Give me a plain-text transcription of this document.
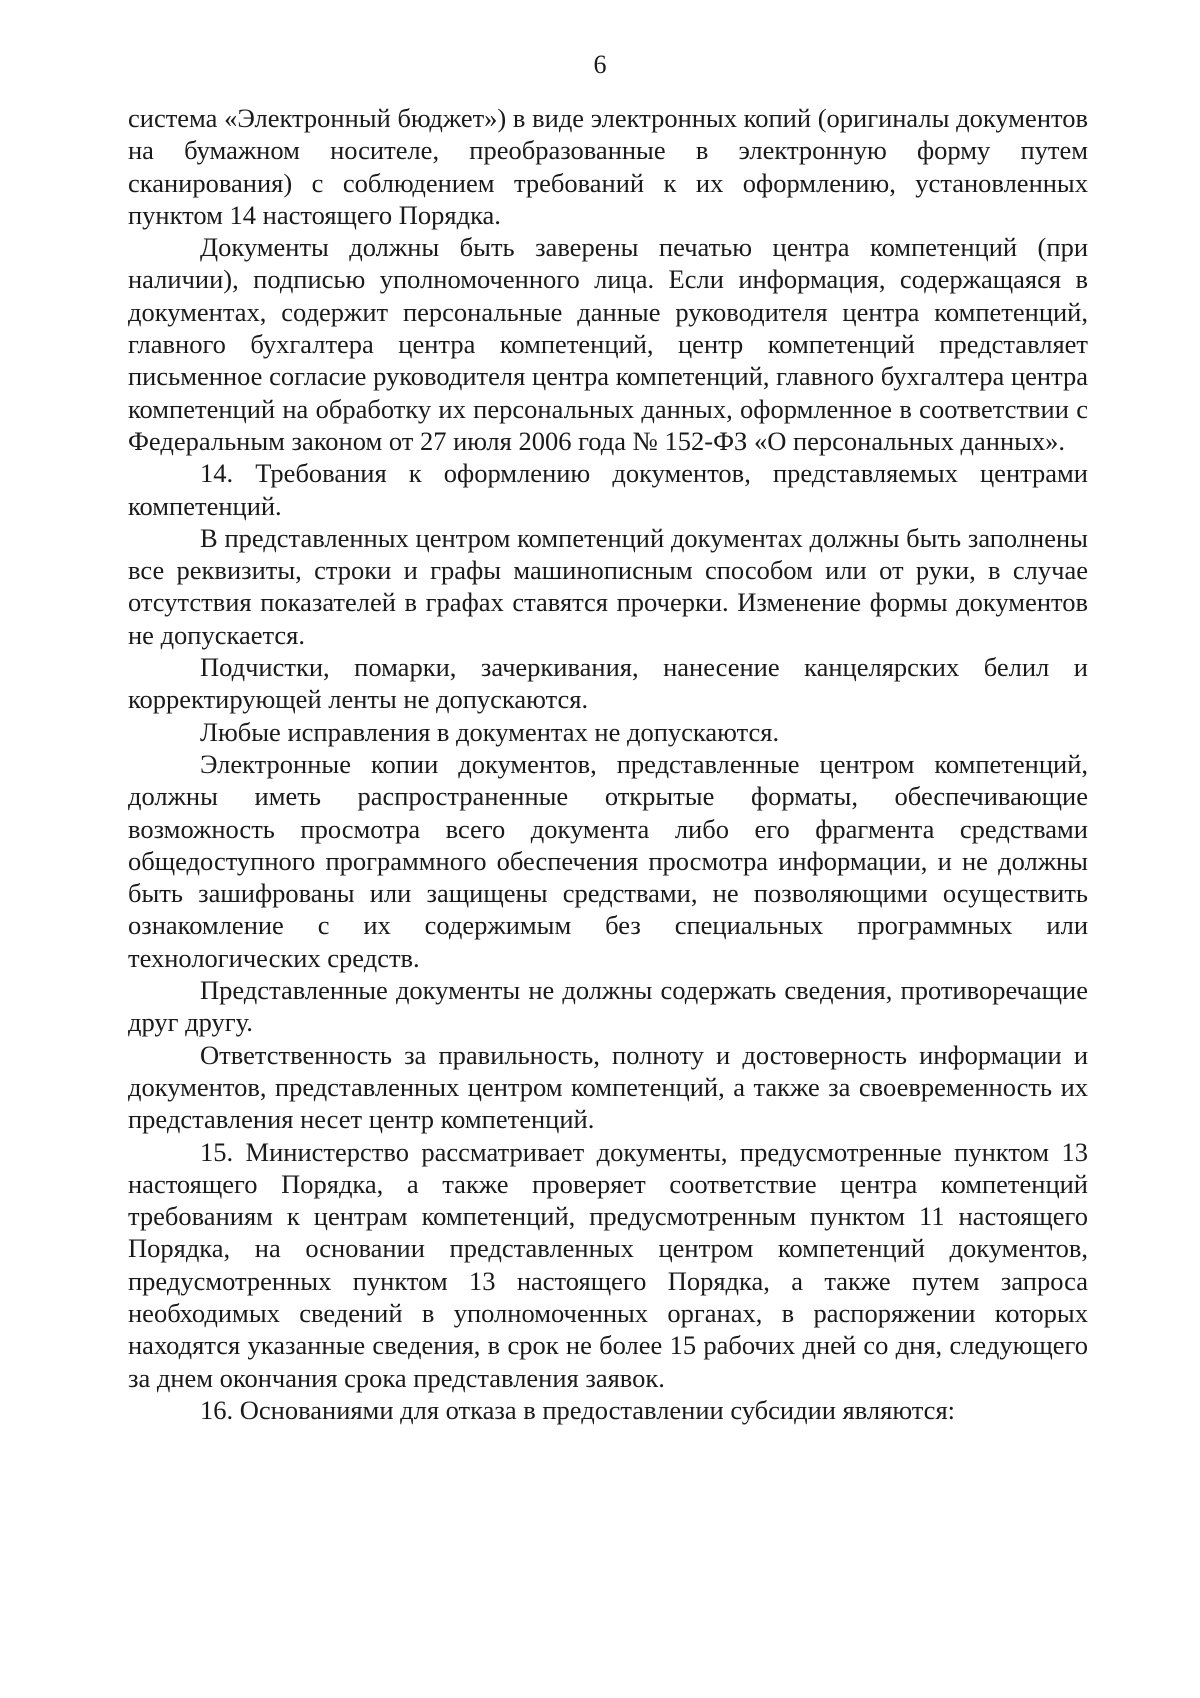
6

система «Электронный бюджет») в виде электронных копий (оригиналы документов на бумажном носителе, преобразованные в электронную форму путем сканирования) с соблюдением требований к их оформлению, установленных пунктом 14 настоящего Порядка.

Документы должны быть заверены печатью центра компетенций (при наличии), подписью уполномоченного лица. Если информация, содержащаяся в документах, содержит персональные данные руководителя центра компетенций, главного бухгалтера центра компетенций, центр компетенций представляет письменное согласие руководителя центра компетенций, главного бухгалтера центра компетенций на обработку их персональных данных, оформленное в соответствии с Федеральным законом от 27 июля 2006 года № 152-ФЗ «О персональных данных».

14. Требования к оформлению документов, представляемых центрами компетенций.

В представленных центром компетенций документах должны быть заполнены все реквизиты, строки и графы машинописным способом или от руки, в случае отсутствия показателей в графах ставятся прочерки. Изменение формы документов не допускается.

Подчистки, помарки, зачеркивания, нанесение канцелярских белил и корректирующей ленты не допускаются.

Любые исправления в документах не допускаются.

Электронные копии документов, представленные центром компетенций, должны иметь распространенные открытые форматы, обеспечивающие возможность просмотра всего документа либо его фрагмента средствами общедоступного программного обеспечения просмотра информации, и не должны быть зашифрованы или защищены средствами, не позволяющими осуществить ознакомление с их содержимым без специальных программных или технологических средств.

Представленные документы не должны содержать сведения, противоречащие друг другу.

Ответственность за правильность, полноту и достоверность информации и документов, представленных центром компетенций, а также за своевременность их представления несет центр компетенций.

15. Министерство рассматривает документы, предусмотренные пунктом 13 настоящего Порядка, а также проверяет соответствие центра компетенций требованиям к центрам компетенций, предусмотренным пунктом 11 настоящего Порядка, на основании представленных центром компетенций документов, предусмотренных пунктом 13 настоящего Порядка, а также путем запроса необходимых сведений в уполномоченных органах, в распоряжении которых находятся указанные сведения, в срок не более 15 рабочих дней со дня, следующего за днем окончания срока представления заявок.

16. Основаниями для отказа в предоставлении субсидии являются:
